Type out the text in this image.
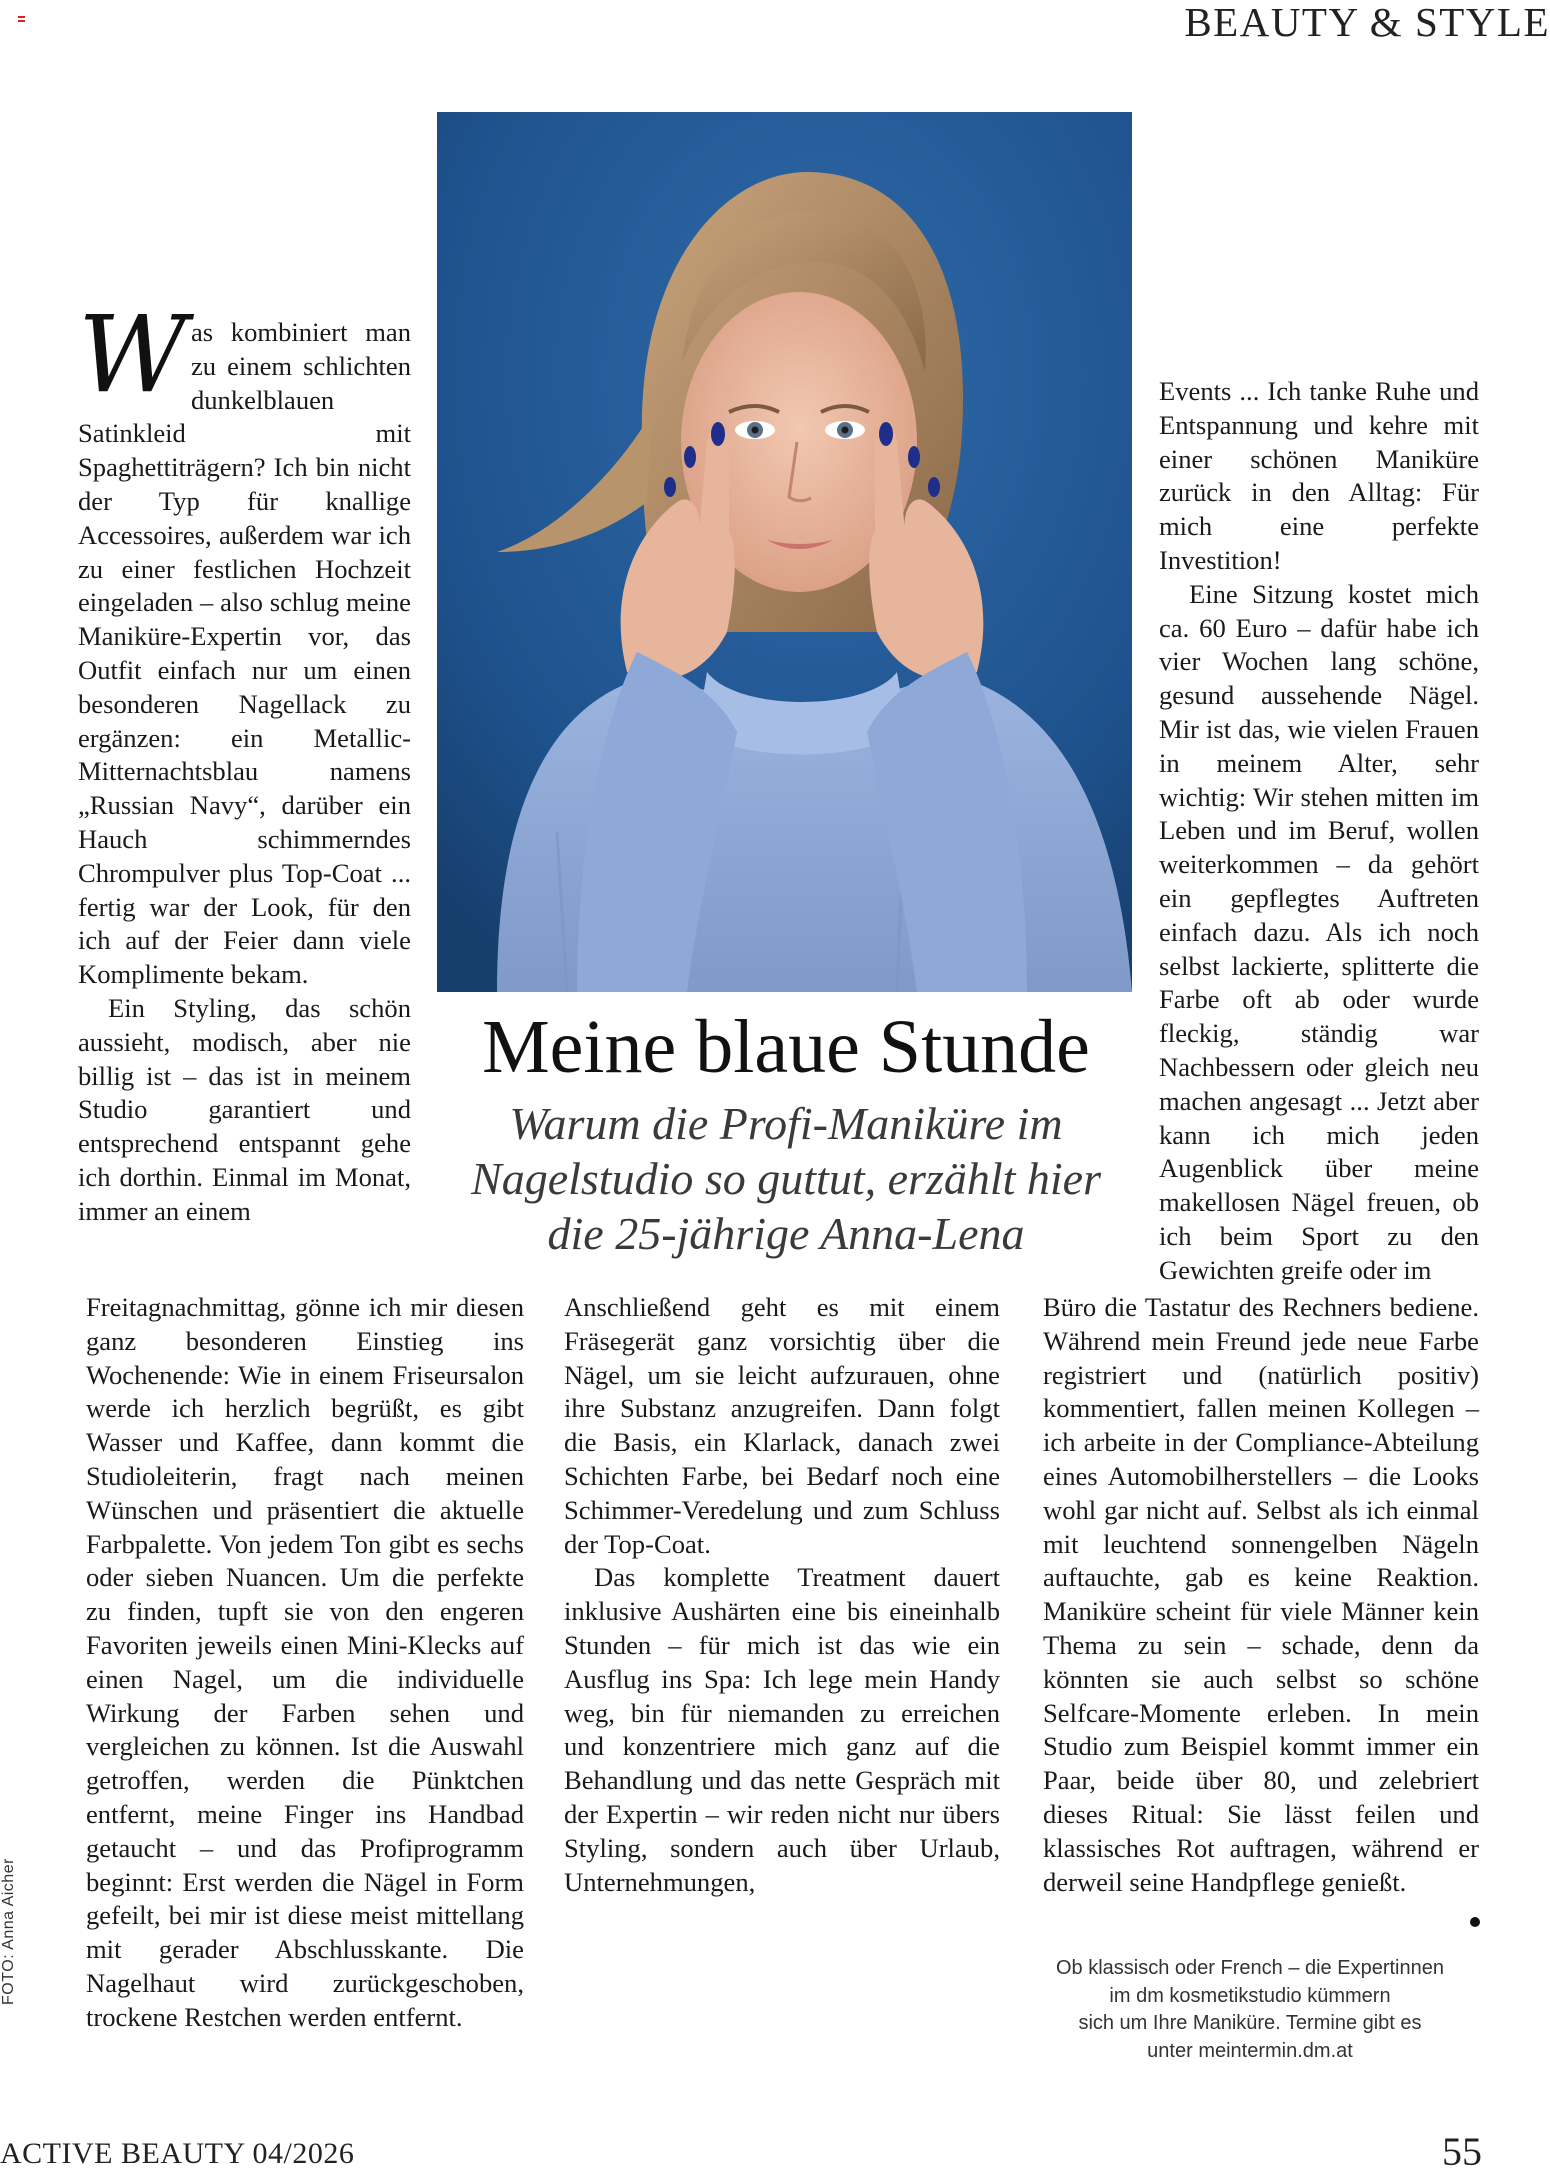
BEAUTY & STYLE

Was kombiniert man zu einem schlichten dunkelblauen Satinkleid mit Spaghettiträgern? Ich bin nicht der Typ für knallige Accessoires, außerdem war ich zu einer festlichen Hochzeit eingeladen – also schlug meine Maniküre-Expertin vor, das Outfit einfach nur um einen besonderen Nagellack zu ergänzen: ein Metallic-Mitternachtsblau namens „Russian Navy“, darüber ein Hauch schimmerndes Chrompulver plus Top-Coat ... fertig war der Look, für den ich auf der Feier dann viele Komplimente bekam.

Ein Styling, das schön aussieht, modisch, aber nie billig ist – das ist in meinem Studio garantiert und entsprechend entspannt gehe ich dorthin. Einmal im Monat, immer an einem

Freitagnachmittag, gönne ich mir diesen ganz besonderen Einstieg ins Wochenende: Wie in einem Friseursalon werde ich herzlich begrüßt, es gibt Wasser und Kaffee, dann kommt die Studioleiterin, fragt nach meinen Wünschen und präsentiert die aktuelle Farbpalette. Von jedem Ton gibt es sechs oder sieben Nuancen. Um die perfekte zu finden, tupft sie von den engeren Favoriten jeweils einen Mini-Klecks auf einen Nagel, um die individuelle Wirkung der Farben sehen und vergleichen zu können. Ist die Auswahl getroffen, werden die Pünktchen entfernt, meine Finger ins Handbad getaucht – und das Profiprogramm beginnt: Erst werden die Nägel in Form gefeilt, bei mir ist diese meist mittellang mit gerader Abschlusskante. Die Nagelhaut wird zurückgeschoben, trockene Restchen werden entfernt.

Meine blaue Stunde
Warum die Profi-Maniküre im
Nagelstudio so guttut, erzählt hier
die 25-jährige Anna-Lena

Anschließend geht es mit einem Fräsegerät ganz vorsichtig über die Nägel, um sie leicht aufzurauen, ohne ihre Substanz anzugreifen. Dann folgt die Basis, ein Klarlack, danach zwei Schichten Farbe, bei Bedarf noch eine Schimmer-Veredelung und zum Schluss der Top-Coat.

Das komplette Treatment dauert inklusive Aushärten eine bis eineinhalb Stunden – für mich ist das wie ein Ausflug ins Spa: Ich lege mein Handy weg, bin für niemanden zu erreichen und konzentriere mich ganz auf die Behandlung und das nette Gespräch mit der Expertin – wir reden nicht nur übers Styling, sondern auch über Urlaub, Unternehmungen,

Events ... Ich tanke Ruhe und Entspannung und kehre mit einer schönen Maniküre zurück in den Alltag: Für mich eine perfekte Investition!

Eine Sitzung kostet mich ca. 60 Euro – dafür habe ich vier Wochen lang schöne, gesund aussehende Nägel. Mir ist das, wie vielen Frauen in meinem Alter, sehr wichtig: Wir stehen mitten im Leben und im Beruf, wollen weiterkommen – da gehört ein gepflegtes Auftreten einfach dazu. Als ich noch selbst lackierte, splitterte die Farbe oft ab oder wurde fleckig, ständig war Nachbessern oder gleich neu machen angesagt ... Jetzt aber kann ich mich jeden Augenblick über meine makellosen Nägel freuen, ob ich beim Sport zu den Gewichten greife oder im

Büro die Tastatur des Rechners bediene. Während mein Freund jede neue Farbe registriert und (natürlich positiv) kommentiert, fallen meinen Kollegen – ich arbeite in der Compliance-Abteilung eines Automobilherstellers – die Looks wohl gar nicht auf. Selbst als ich einmal mit leuchtend sonnengelben Nägeln auftauchte, gab es keine Reaktion. Maniküre scheint für viele Männer kein Thema zu sein – schade, denn da könnten sie auch selbst so schöne Selfcare-Momente erleben. In mein Studio zum Beispiel kommt immer ein Paar, beide über 80, und zelebriert dieses Ritual: Sie lässt feilen und klassisches Rot auftragen, während er derweil seine Handpflege genießt.

Ob klassisch oder French – die Expertinnen
im dm kosmetikstudio kümmern
sich um Ihre Maniküre. Termine gibt es
unter meintermin.dm.at
FOTO: Anna Aicher
ACTIVE BEAUTY 04/2026	55
